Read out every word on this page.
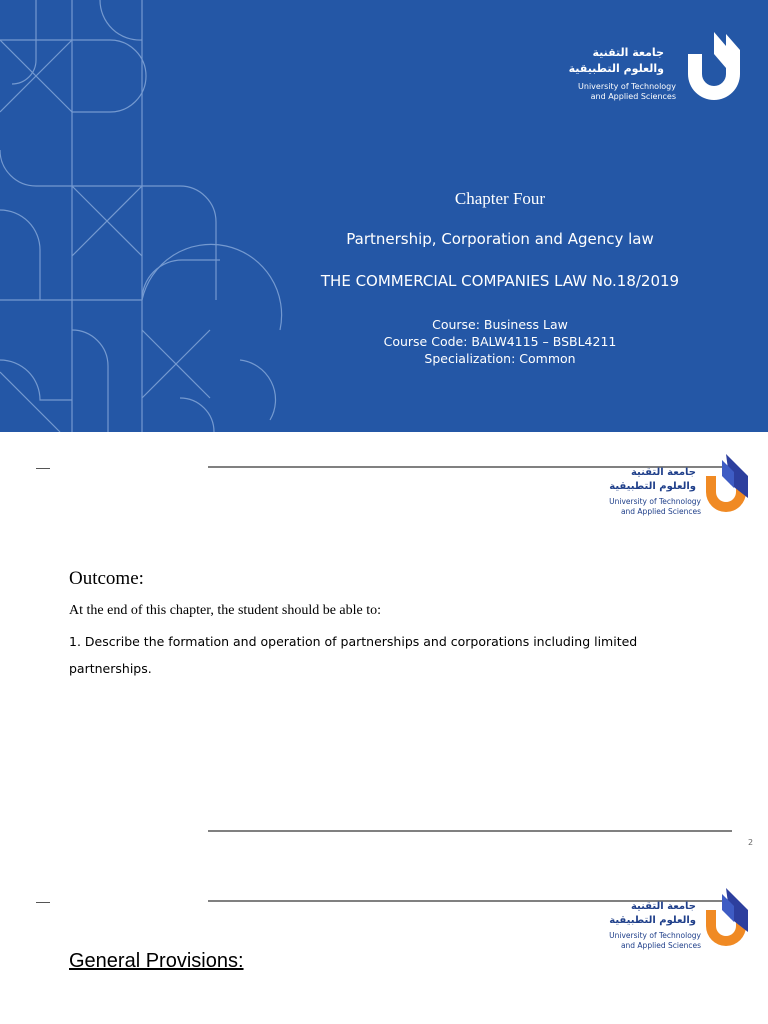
جامعة التقنية
والعلوم التطبيقية
University of Technology
and Applied Sciences
Chapter Four
Partnership, Corporation and Agency law
THE COMMERCIAL COMPANIES LAW No.18/2019
Course: Business Law
Course Code: BALW4115 – BSBL4211
Specialization: Common
جامعة التقنية
والعلوم التطبيقية
University of Technology
and Applied Sciences
Outcome:
At the end of this chapter, the student should be able to:
1. Describe the formation and operation of partnerships and corporations including limited partnerships.
2
جامعة التقنية
والعلوم التطبيقية
University of Technology
and Applied Sciences
General Provisions:
